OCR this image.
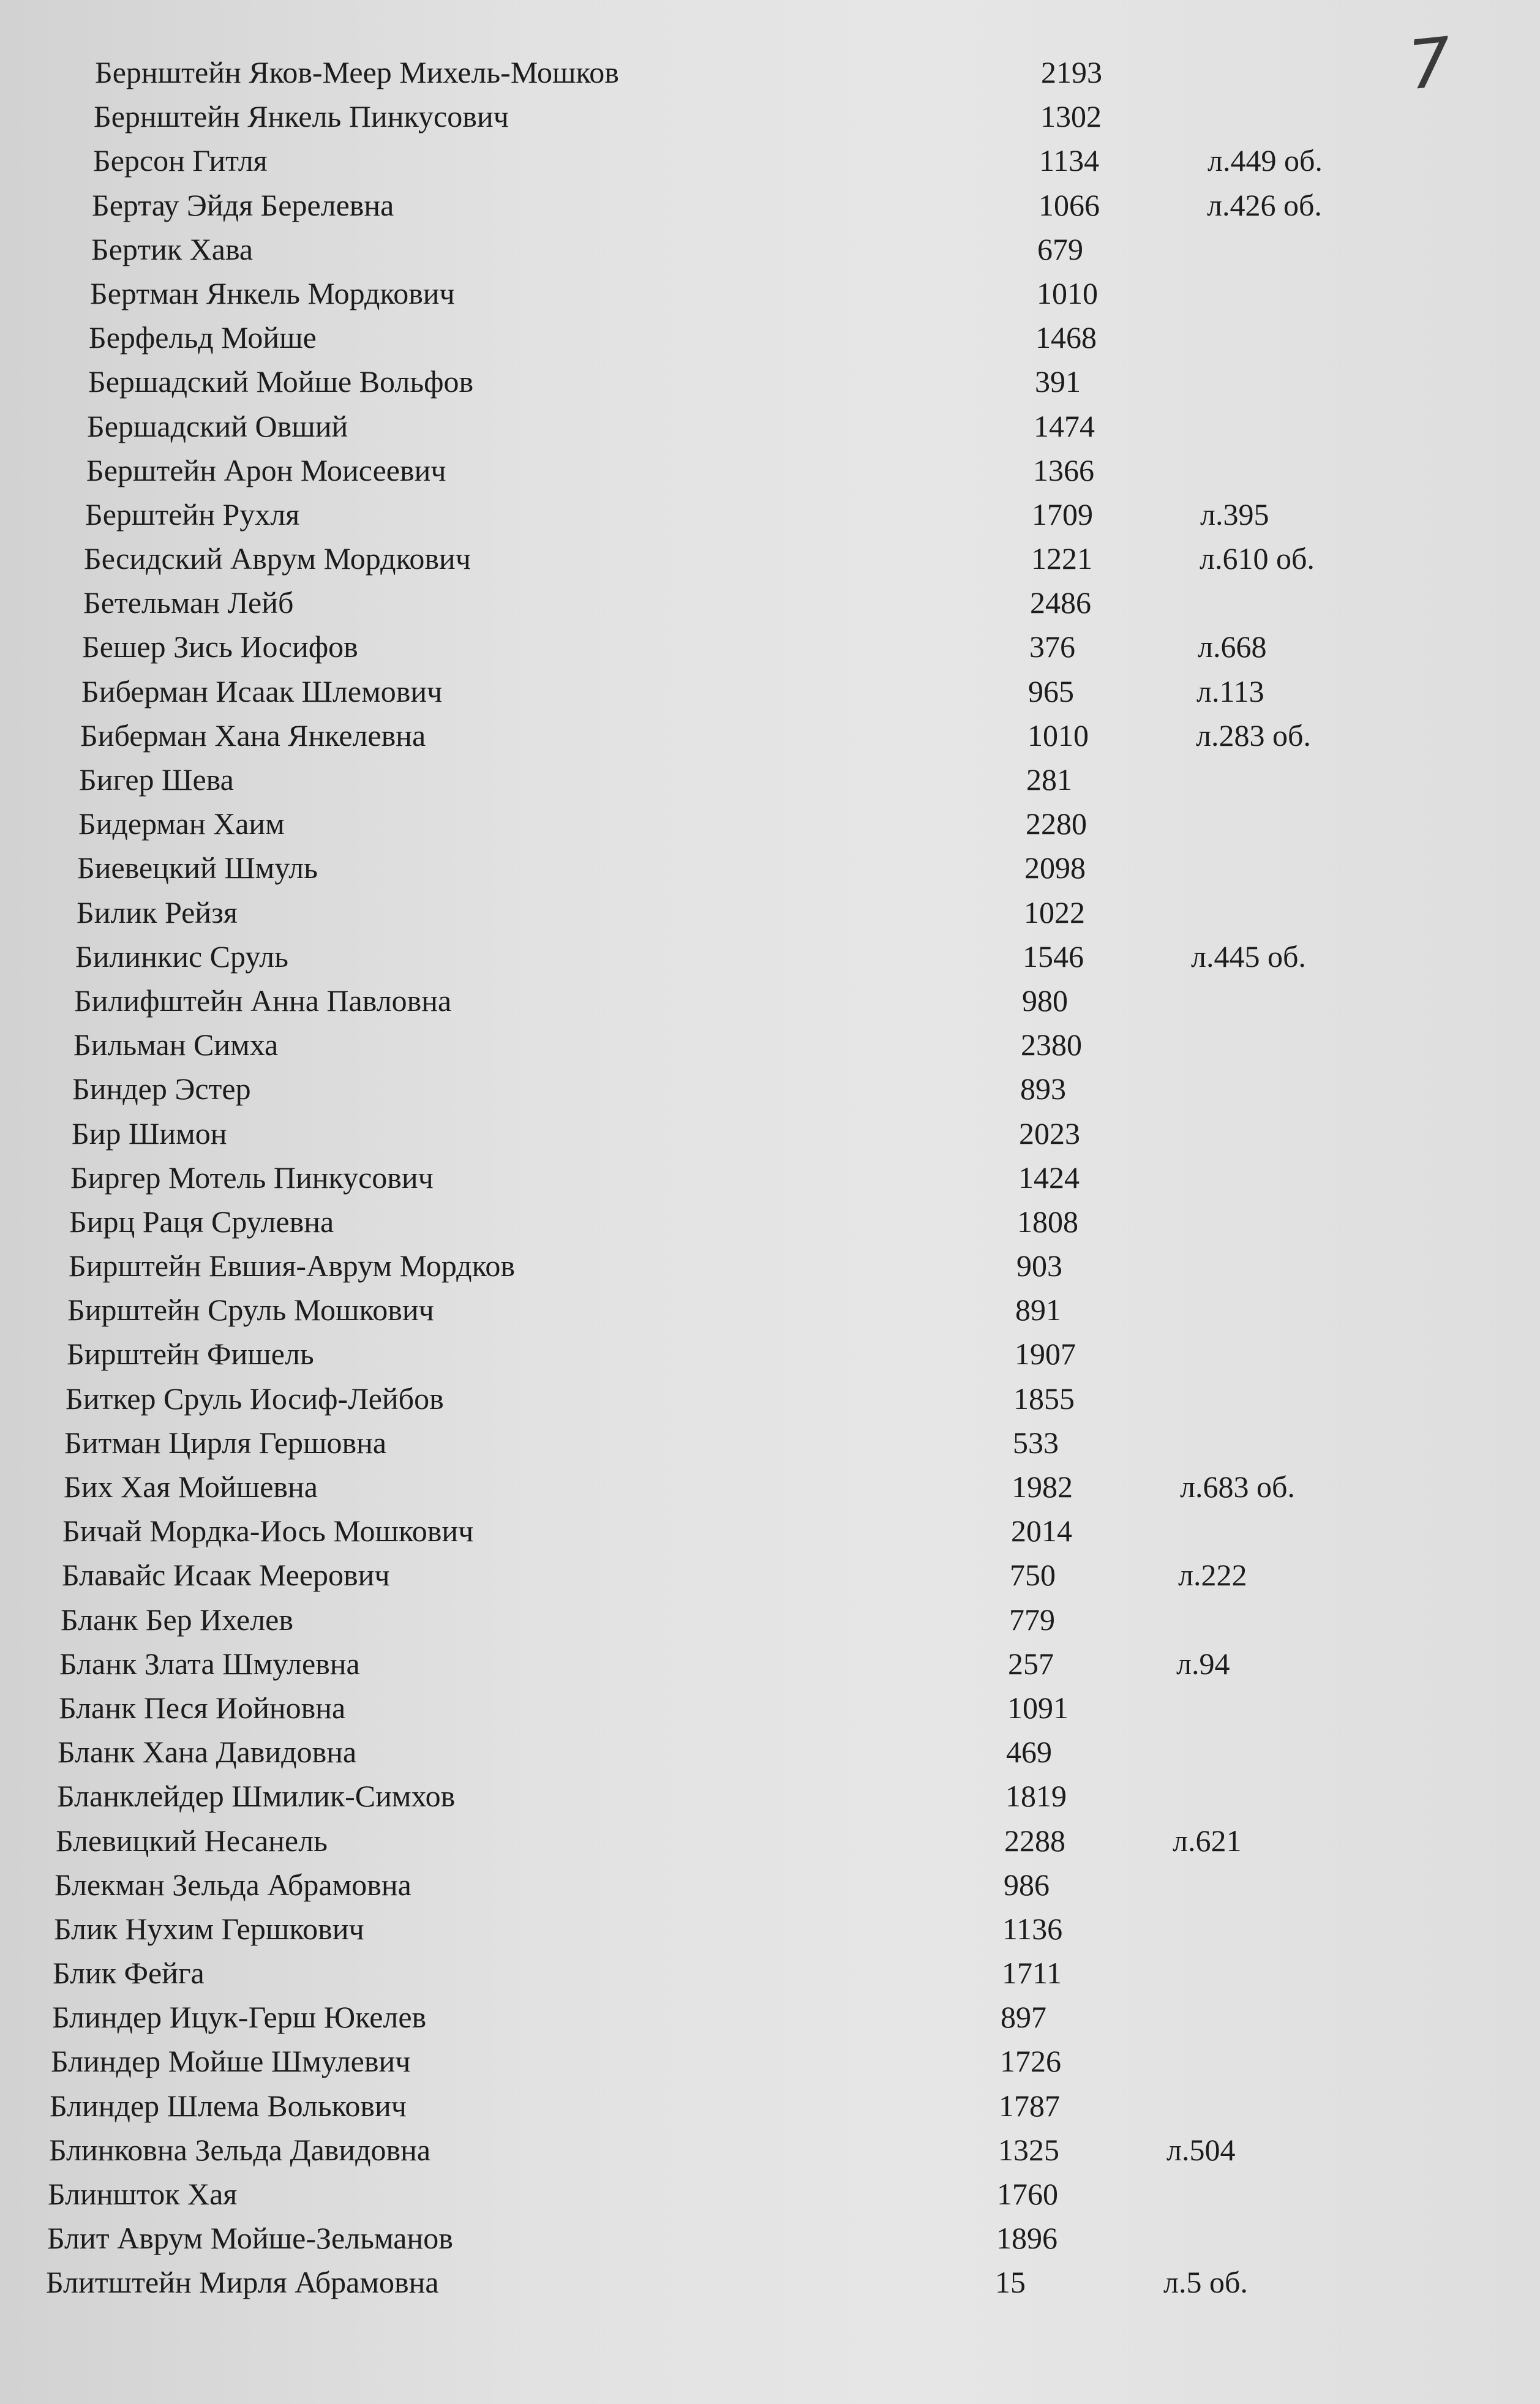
7
Бернштейн Яков-Меер Михель-Мошков	2193
Бернштейн Янкель Пинкусович	1302
Берсон Гитля	1134	л.449 об.
Бертау Эйдя Берелевна	1066	л.426 об.
Бертик Хава	679
Бертман Янкель Мордкович	1010
Берфельд Мойше	1468
Бершадский Мойше Вольфов	391
Бершадский Овший	1474
Берштейн Арон Моисеевич	1366
Берштейн Рухля	1709	л.395
Бесидский Аврум Мордкович	1221	л.610 об.
Бетельман Лейб	2486
Бешер Зись Иосифов	376	л.668
Биберман Исаак Шлемович	965	л.113
Биберман Хана Янкелевна	1010	л.283 об.
Бигер Шева	281
Бидерман Хаим	2280
Биевецкий Шмуль	2098
Билик Рейзя	1022
Билинкис Сруль	1546	л.445 об.
Билифштейн Анна Павловна	980
Бильман Симха	2380
Биндер Эстер	893
Бир Шимон	2023
Биргер Мотель Пинкусович	1424
Бирц Раця Срулевна	1808
Бирштейн Евшия-Аврум Мордков	903
Бирштейн Сруль Мошкович	891
Бирштейн Фишель	1907
Биткер Сруль Иосиф-Лейбов	1855
Битман Цирля Гершовна	533
Бих Хая Мойшевна	1982	л.683 об.
Бичай Мордка-Иось Мошкович	2014
Блавайс Исаак Меерович	750	л.222
Бланк Бер Ихелев	779
Бланк Злата Шмулевна	257	л.94
Бланк Песя Иойновна	1091
Бланк Хана Давидовна	469
Бланклейдер Шмилик-Симхов	1819
Блевицкий Несанель	2288	л.621
Блекман Зельда Абрамовна	986
Блик Нухим Гершкович	1136
Блик Фейга	1711
Блиндер Ицук-Герш Юкелев	897
Блиндер Мойше Шмулевич	1726
Блиндер Шлема Волькович	1787
Блинковна Зельда Давидовна	1325	л.504
Блиншток Хая	1760
Блит Аврум Мойше-Зельманов	1896
Блитштейн Мирля Абрамовна	15	л.5 об.
